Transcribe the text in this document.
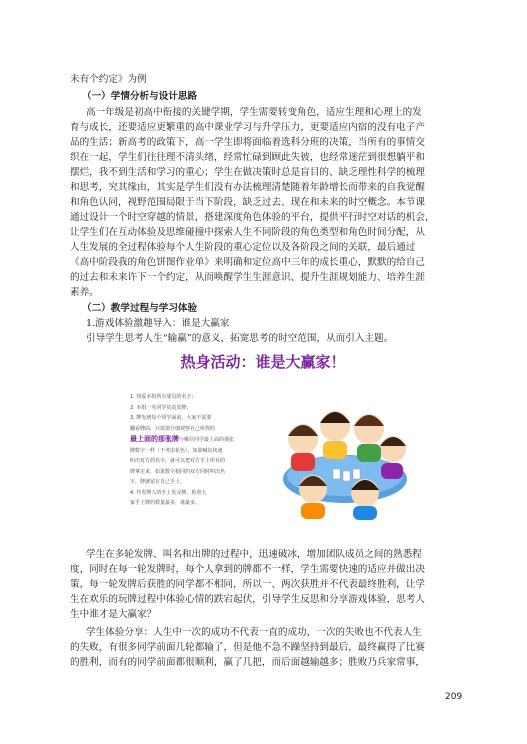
未有个约定》为例
（一）学情分析与设计思路
高一年级是初高中衔接的关键学期，学生需要转变角色，适应生理和心理上的发
育与成长，还要适应更繁重的高中课业学习与升学压力，更要适应内宿的没有电子产
品的生活；新高考的政策下，高一学生即将面临着选科分班的决策，当所有的事情交
织在一起，学生们往往理不清头绪，经常忙碌到顾此失彼，也经常迷茫到很想躺平和
摆烂，我不到生活和学习的重心；学生在做决策时总是盲目的、缺乏理性科学的梳理
和思考，究其缘由，其实是学生们没有办法梳理清楚随着年龄增长而带来的自我觉醒
和角色认同，视野范围局限于当下阶段，缺乏过去、现在和未来的时空概念。本节课
通过设计一个时空穿越的情景，搭建深度角色体验的平台，提供平行时空对话的机会，
让学生们在互动体验及思维碰撞中探索人生不同阶段的角色类型和角色时间分配，从
人生发展的全过程体验每个人生阶段的重心定位以及各阶段之间的关联，最后通过
《高中阶段我的角色饼图作业单》来明确和定位高中三年的成长重心，默默的给自己
的过去和未来许下一个约定，从而唤醒学生生涯意识、提升生涯规划能力、培养生涯
素养。
（二）教学过程与学习体验
1.游戏体验激趣导入：谁是大赢家
引导学生思考人生“输赢”的意义，拓宽思考的时空范围，从而引入主题。
热身活动：谁是大赢家！

1. 热爱本组所有成员的名字；

2. 本组一名同学负责发牌；

3. 牌发到每个同学面前，大家不需要

翻看牌面，只需要仔细观察自己所得的

最上面的那张牌与哪位同学最上面的那张

牌数字一样（不考虑花色），如果喊出快速

叫出对方的名字，就可以把对方手上所有的

牌拿走来，如果数字相同的双方同时叫出名

字，牌就留在自己手上。

4. 待发牌人的手上发完牌，检查大

家手上牌的数量最多，谁最多。

学生在多轮发牌、叫名和出牌的过程中，迅速破冰，增加团队成员之间的熟悉程
度，同时在每一轮发牌时，每个人拿到的牌都不一样，学生需要快速的适应并做出决
策，每一轮发牌后获胜的同学都不相同，所以一、两次获胜并不代表最终胜利，让学
生在欢乐的玩牌过程中体验心情的跌宕起伏，引导学生反思和分享游戏体验，思考人
生中谁才是大赢家？
学生体验分享：人生中一次的成功不代表一直的成功，一次的失败也不代表人生
的失败，有很多同学前面几轮都输了，但是他不急不躁坚持到最后，最终赢得了比赛
的胜利，而有的同学前面都很顺利，赢了几把，而后面越输越多；胜败乃兵家常事，
209
